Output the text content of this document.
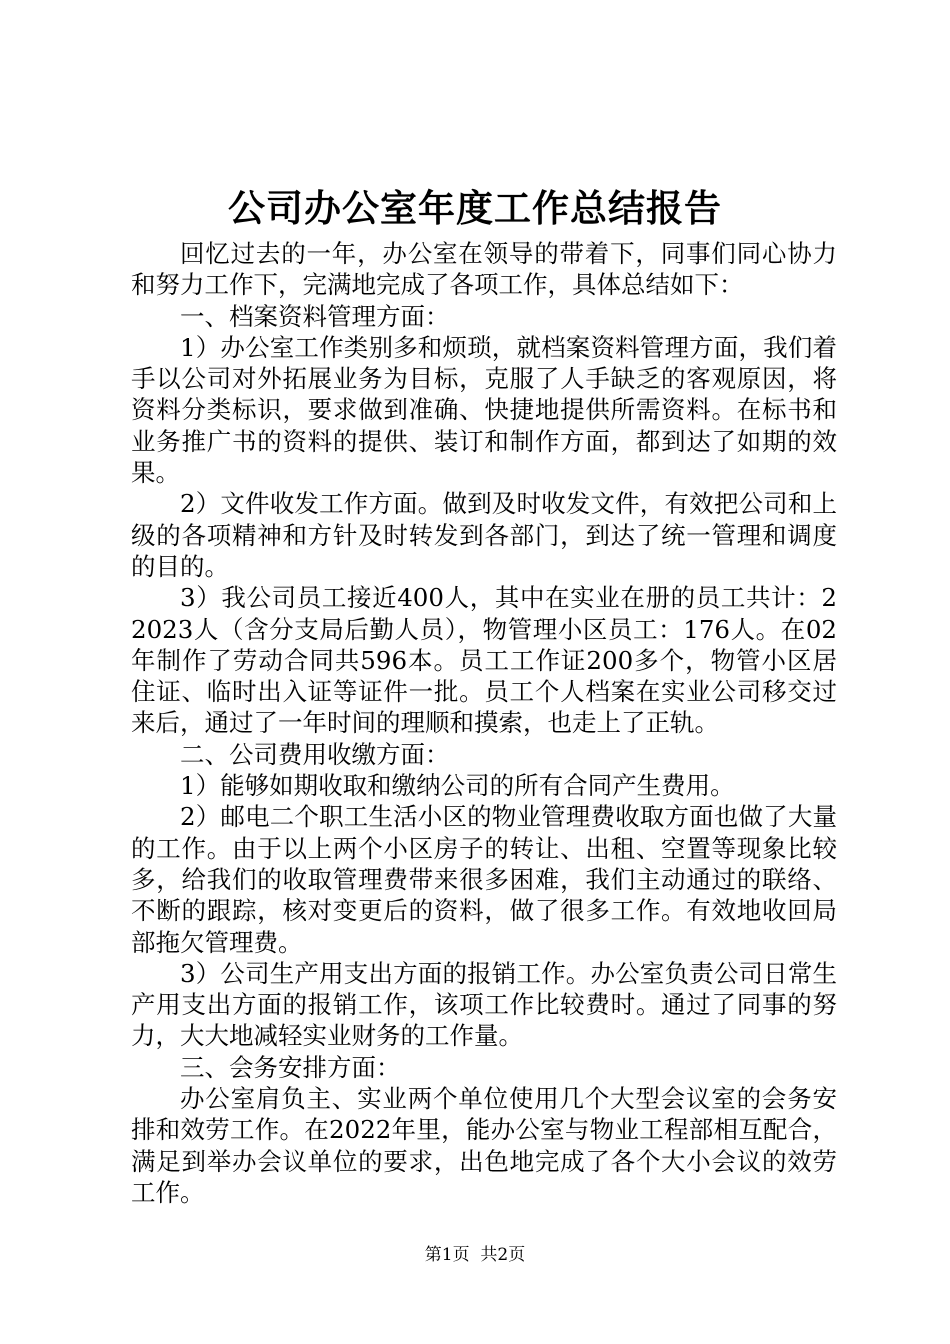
公司办公室年度工作总结报告

回忆过去的一年，办公室在领导的带着下，同事们同心协力和努力工作下，完满地完成了各项工作，具体总结如下：

一、档案资料管理方面：

1）办公室工作类别多和烦琐，就档案资料管理方面，我们着手以公司对外拓展业务为目标，克服了人手缺乏的客观原因，将资料分类标识，要求做到准确、快捷地提供所需资料。在标书和业务推广书的资料的提供、装订和制作方面，都到达了如期的效果。

2）文件收发工作方面。做到及时收发文件，有效把公司和上级的各项精神和方针及时转发到各部门，到达了统一管理和调度的目的。

3）我公司员工接近400人，其中在实业在册的员工共计：22023人（含分支局后勤人员），物管理小区员工：176人。在02年制作了劳动合同共596本。员工工作证200多个，物管小区居住证、临时出入证等证件一批。员工个人档案在实业公司移交过来后，通过了一年时间的理顺和摸索，也走上了正轨。

二、公司费用收缴方面：

1）能够如期收取和缴纳公司的所有合同产生费用。

2）邮电二个职工生活小区的物业管理费收取方面也做了大量的工作。由于以上两个小区房子的转让、出租、空置等现象比较多，给我们的收取管理费带来很多困难，我们主动通过的联络、不断的跟踪，核对变更后的资料，做了很多工作。有效地收回局部拖欠管理费。

3）公司生产用支出方面的报销工作。办公室负责公司日常生产用支出方面的报销工作，该项工作比较费时。通过了同事的努力，大大地减轻实业财务的工作量。

三、会务安排方面：

办公室肩负主、实业两个单位使用几个大型会议室的会务安排和效劳工作。在2022年里，能办公室与物业工程部相互配合，满足到举办会议单位的要求，出色地完成了各个大小会议的效劳工作。

第1页  共2页
